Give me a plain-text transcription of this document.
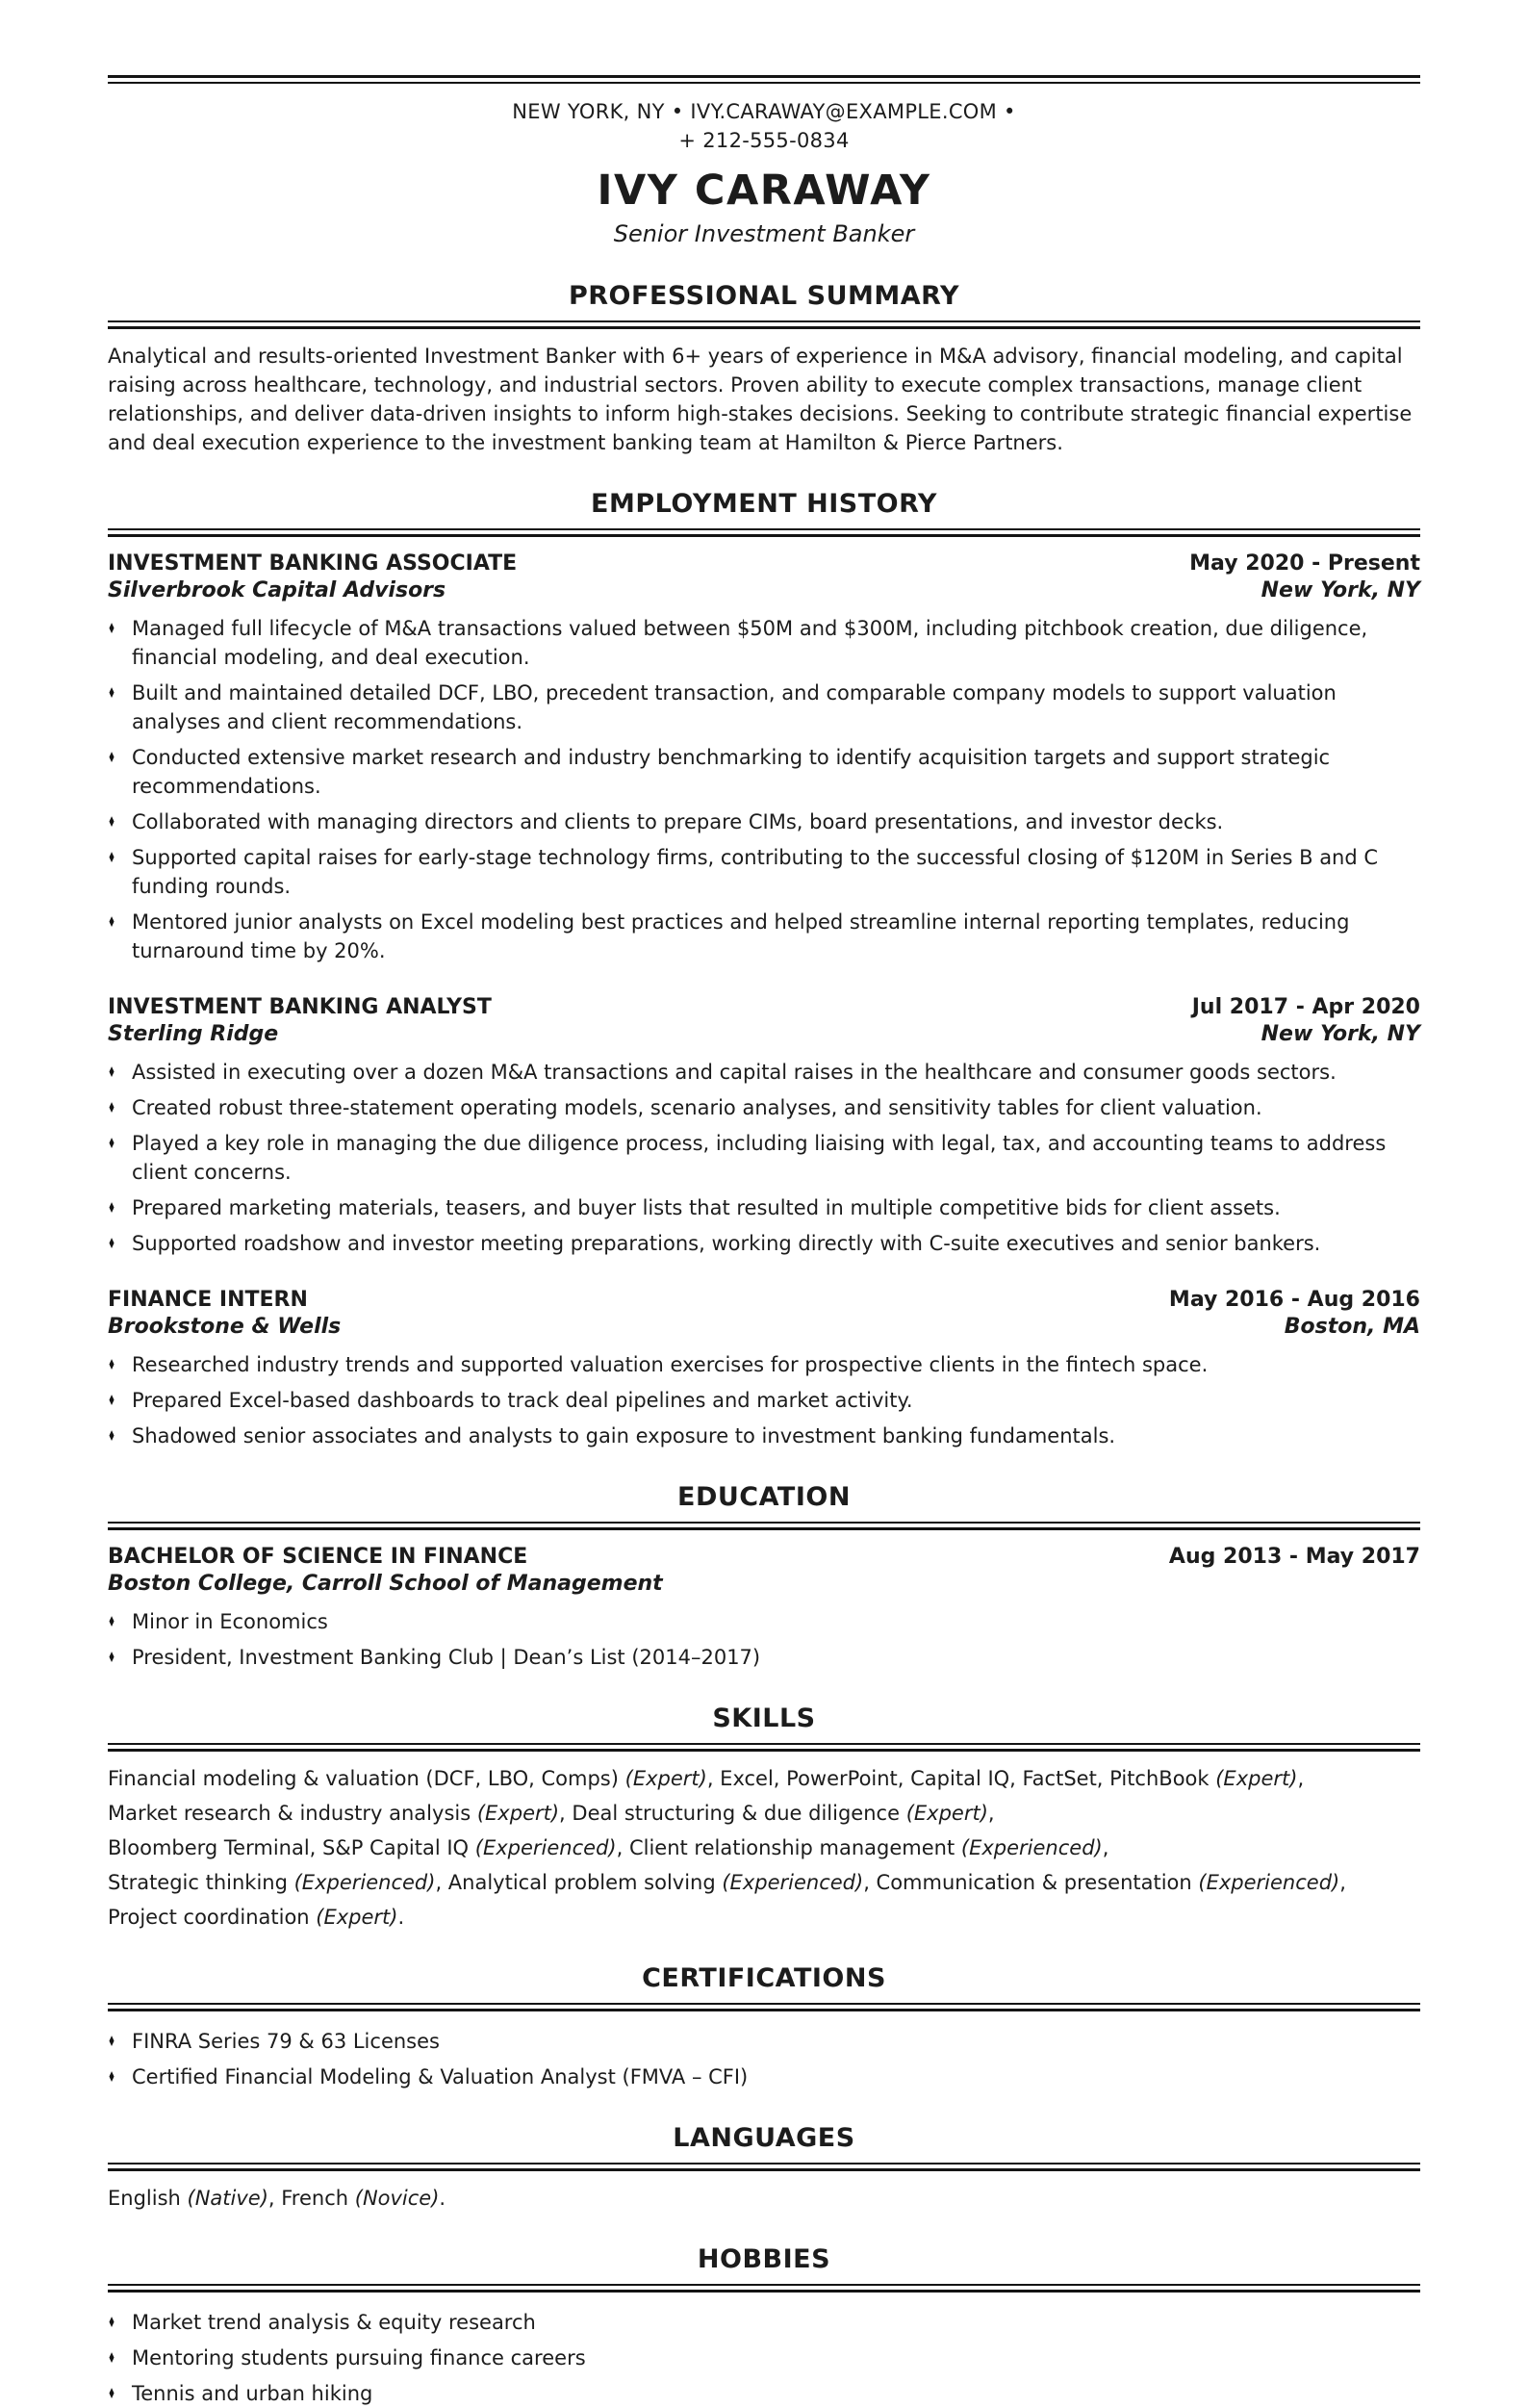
NEW YORK, NY • IVY.CARAWAY@EXAMPLE.COM •
+ 212-555-0834
IVY CARAWAY
Senior Investment Banker
PROFESSIONAL SUMMARY

Analytical and results-oriented Investment Banker with 6+ years of experience in M&A advisory, financial modeling, and capital raising across healthcare, technology, and industrial sectors. Proven ability to execute complex transactions, manage client relationships, and deliver data-driven insights to inform high-stakes decisions. Seeking to contribute strategic financial expertise and deal execution experience to the investment banking team at Hamilton & Pierce Partners.

EMPLOYMENT HISTORY
INVESTMENT BANKING ASSOCIATE	May 2020 - Present
Silverbrook Capital Advisors	New York, NY
♦ Managed full lifecycle of M&A transactions valued between $50M and $300M, including pitchbook creation, due diligence, financial modeling, and deal execution.
♦ Built and maintained detailed DCF, LBO, precedent transaction, and comparable company models to support valuation analyses and client recommendations.
♦ Conducted extensive market research and industry benchmarking to identify acquisition targets and support strategic recommendations.
♦ Collaborated with managing directors and clients to prepare CIMs, board presentations, and investor decks.
♦ Supported capital raises for early-stage technology firms, contributing to the successful closing of $120M in Series B and C funding rounds.
♦ Mentored junior analysts on Excel modeling best practices and helped streamline internal reporting templates, reducing turnaround time by 20%.
INVESTMENT BANKING ANALYST	Jul 2017 - Apr 2020
Sterling Ridge	New York, NY
♦ Assisted in executing over a dozen M&A transactions and capital raises in the healthcare and consumer goods sectors.
♦ Created robust three-statement operating models, scenario analyses, and sensitivity tables for client valuation.
♦ Played a key role in managing the due diligence process, including liaising with legal, tax, and accounting teams to address client concerns.
♦ Prepared marketing materials, teasers, and buyer lists that resulted in multiple competitive bids for client assets.
♦ Supported roadshow and investor meeting preparations, working directly with C-suite executives and senior bankers.
FINANCE INTERN	May 2016 - Aug 2016
Brookstone & Wells	Boston, MA
♦ Researched industry trends and supported valuation exercises for prospective clients in the fintech space.
♦ Prepared Excel-based dashboards to track deal pipelines and market activity.
♦ Shadowed senior associates and analysts to gain exposure to investment banking fundamentals.
EDUCATION
BACHELOR OF SCIENCE IN FINANCE	Aug 2013 - May 2017
Boston College, Carroll School of Management
♦ Minor in Economics
♦ President, Investment Banking Club | Dean’s List (2014–2017)
SKILLS

Financial modeling & valuation (DCF, LBO, Comps) (Expert), Excel, PowerPoint, Capital IQ, FactSet, PitchBook (Expert),

Market research & industry analysis (Expert), Deal structuring & due diligence (Expert),

Bloomberg Terminal, S&P Capital IQ (Experienced), Client relationship management (Experienced),

Strategic thinking (Experienced), Analytical problem solving (Experienced), Communication & presentation (Experienced),

Project coordination (Expert).

CERTIFICATIONS
♦ FINRA Series 79 & 63 Licenses
♦ Certified Financial Modeling & Valuation Analyst (FMVA – CFI)
LANGUAGES

English (Native), French (Novice).

HOBBIES
♦ Market trend analysis & equity research
♦ Mentoring students pursuing finance careers
♦ Tennis and urban hiking
